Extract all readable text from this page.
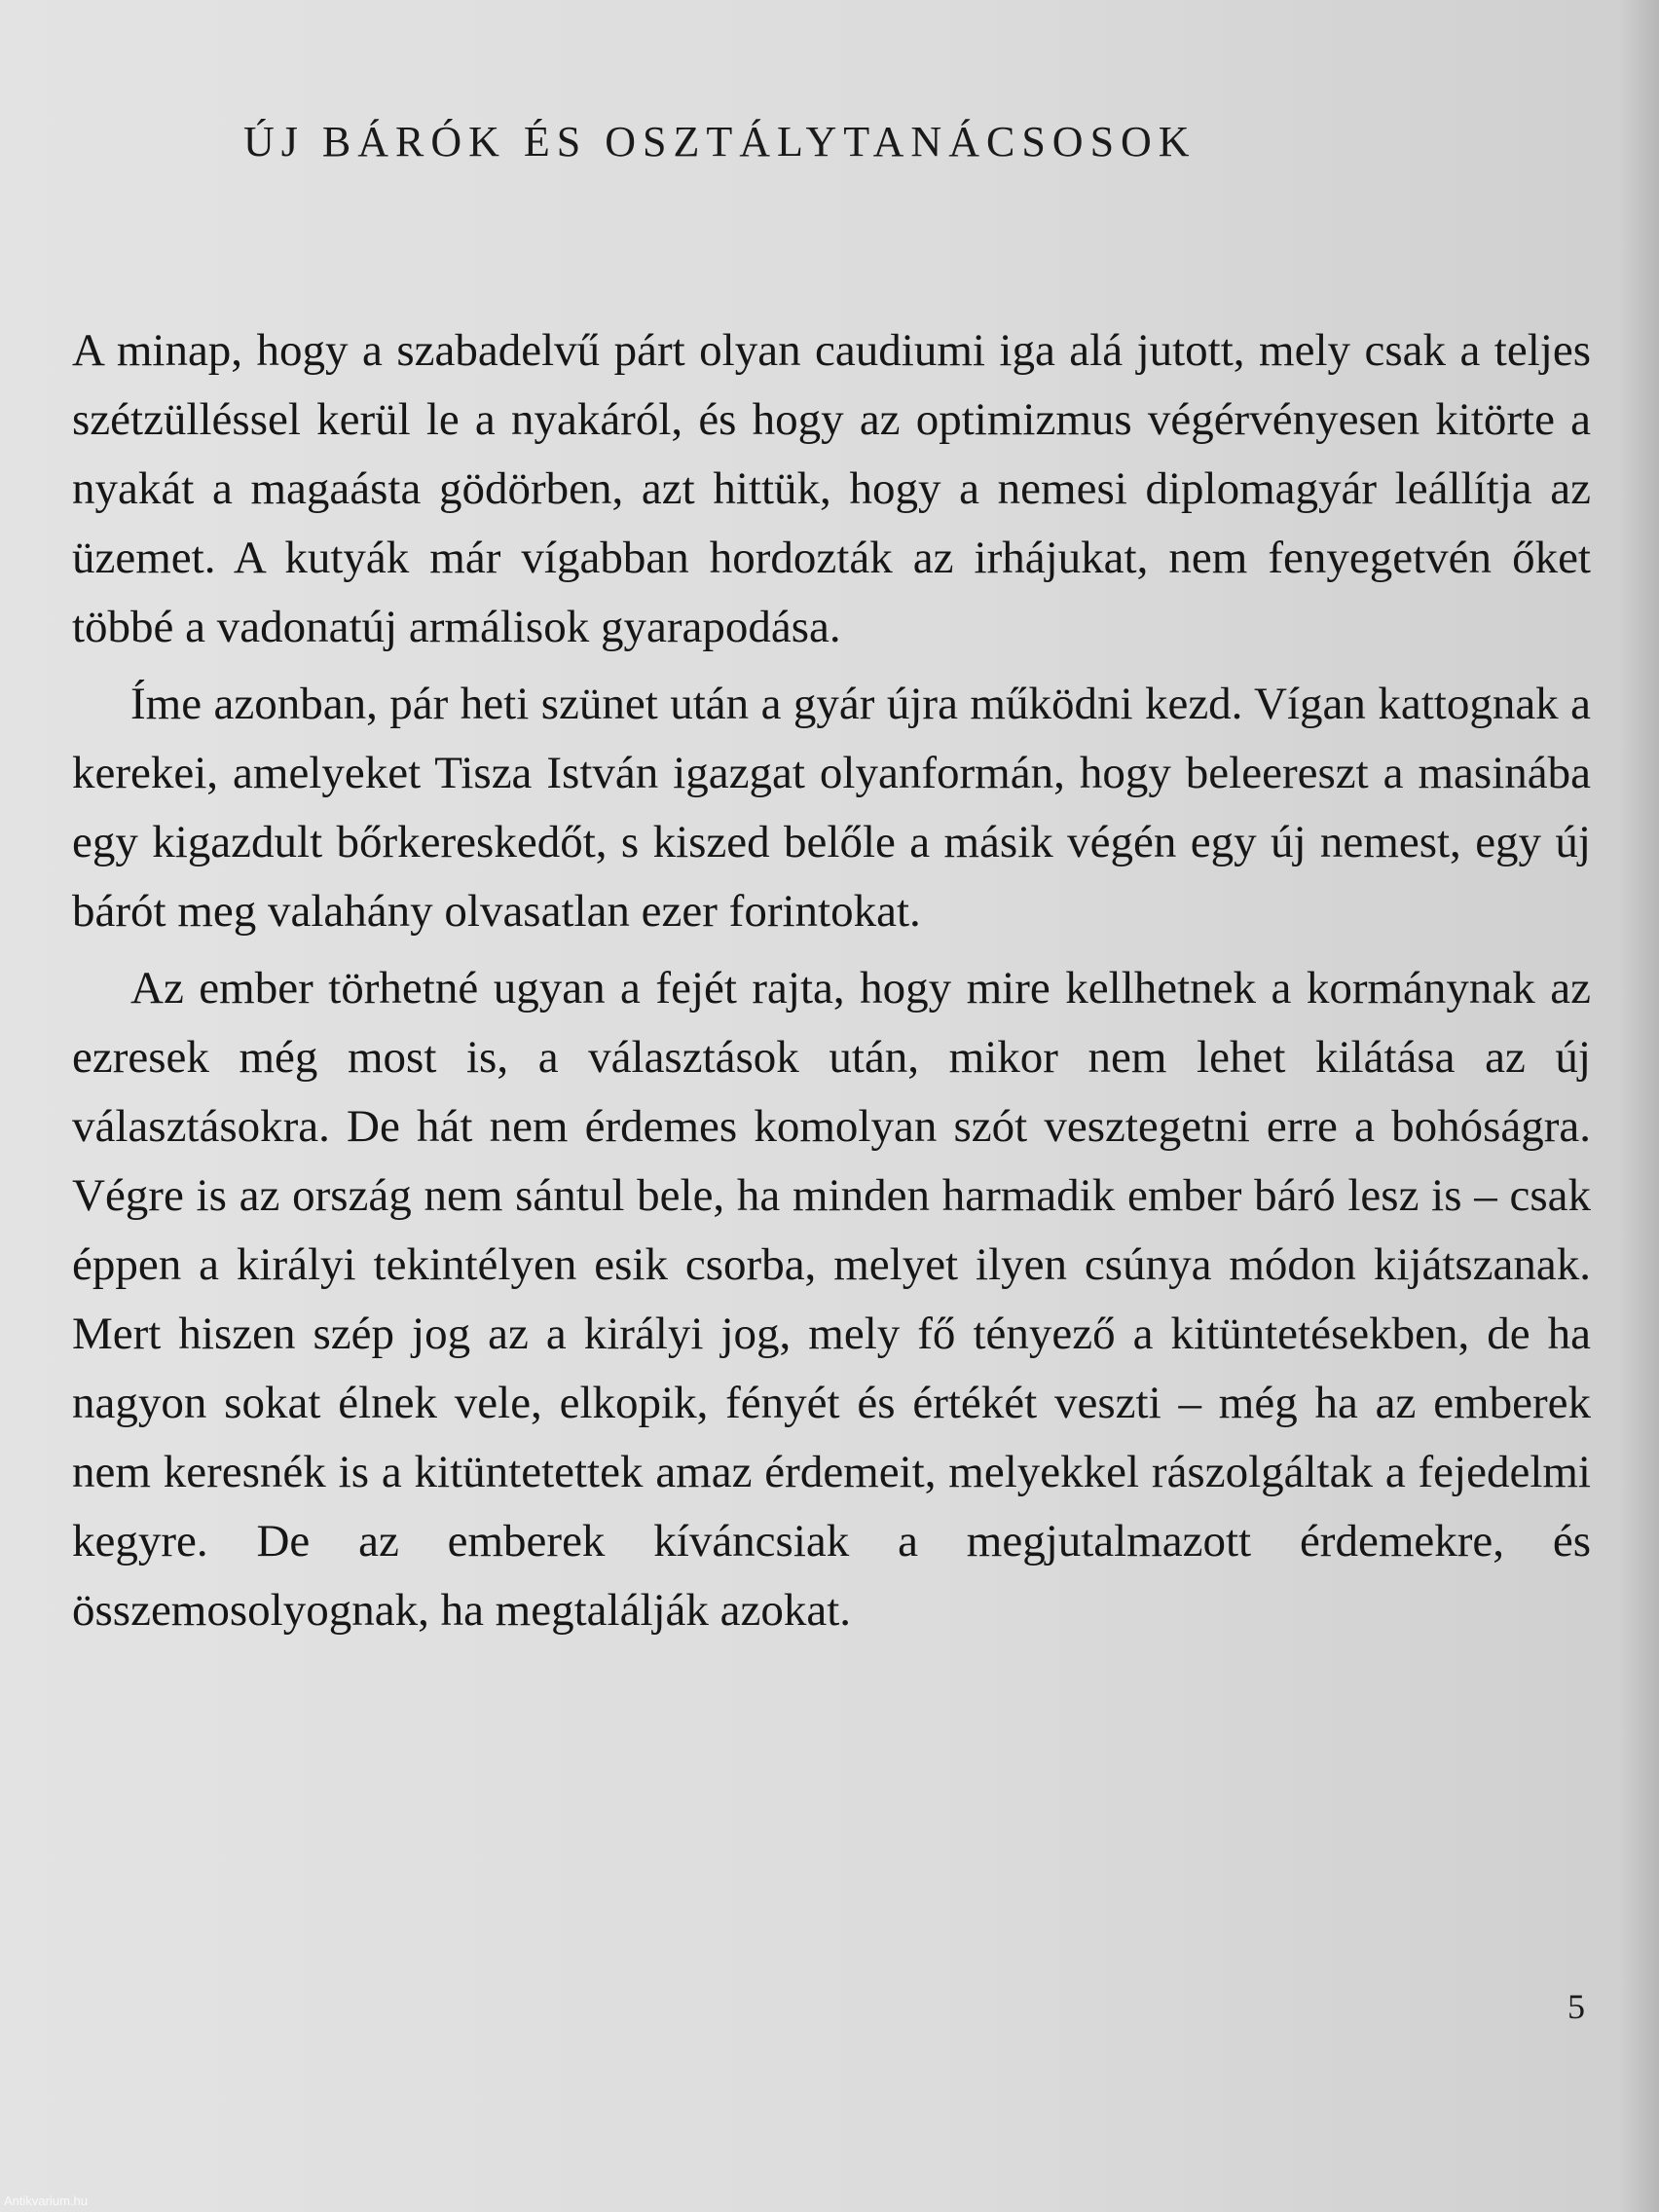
ÚJ BÁRÓK ÉS OSZTÁLYTANÁCSOSOK

A minap, hogy a szabadelvű párt olyan caudiumi iga alá jutott, mely csak a teljes szétzülléssel kerül le a nyakáról, és hogy az optimizmus végérvényesen kitörte a nyakát a magaásta gödörben, azt hittük, hogy a nemesi diplomagyár leállítja az üzemet. A kutyák már vígabban hordozták az irhájukat, nem fenyegetvén őket többé a vadonatúj armálisok gyarapodása.

Íme azonban, pár heti szünet után a gyár újra működni kezd. Vígan kattognak a kerekei, amelyeket Tisza István igazgat olyanformán, hogy beleereszt a masinába egy kigazdult bőrkereskedőt, s kiszed belőle a másik végén egy új nemest, egy új bárót meg valahány olvasatlan ezer forintokat.

Az ember törhetné ugyan a fejét rajta, hogy mire kellhetnek a kormánynak az ezresek még most is, a választások után, mikor nem lehet kilátása az új választásokra. De hát nem érdemes komolyan szót vesztegetni erre a bohóságra. Végre is az ország nem sántul bele, ha minden harmadik ember báró lesz is – csak éppen a királyi tekintélyen esik csorba, melyet ilyen csúnya módon kijátszanak. Mert hiszen szép jog az a királyi jog, mely fő tényező a kitüntetésekben, de ha nagyon sokat élnek vele, elkopik, fényét és értékét veszti – még ha az emberek nem keresnék is a kitüntetettek amaz érdemeit, melyekkel rászolgáltak a fejedelmi kegyre. De az emberek kíváncsiak a megjutalmazott érdemekre, és összemosolyognak, ha megtalálják azokat.

5
Antikvarium.hu
